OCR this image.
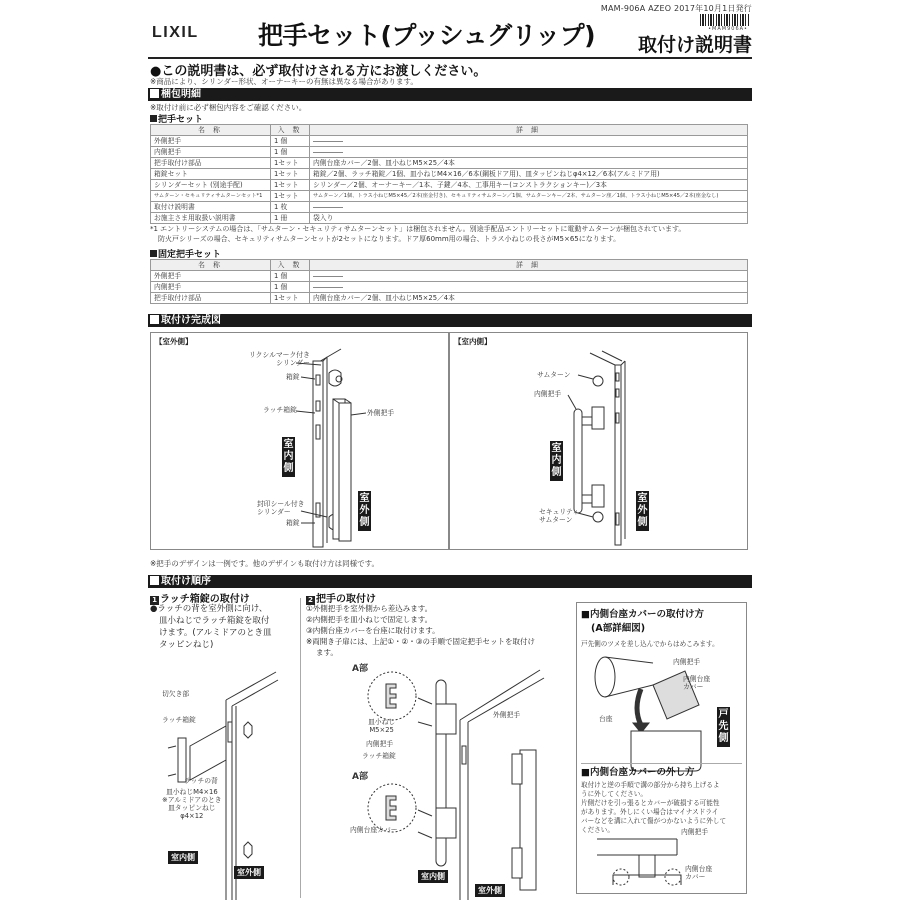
MAM-906A AZEO 2017年10月1日発行
•MAM906A•
LIXIL 把手セット(プッシュグリップ) 取付け説明書
●この説明書は、必ず取付けされる方にお渡しください。
※商品により、シリンダー形状、オーナーキーの有無は異なる場合があります。
梱包明細
※取付け前に必ず梱包内容をご確認ください。
把手セット
名 称	入 数	詳 細
外側把手	1 個	
内側把手	1 個	
把手取付け部品	1セット	内側台座カバー／2個、皿小ねじM5×25／4本
箱錠セット	1セット	箱錠／2個、ラッチ箱錠／1個、皿小ねじM4×16／6本(鋼板ドア用)、皿タッピンねじφ4×12／6本(アルミドア用)
シリンダーセット (別途手配)	1セット	シリンダー／2個、オーナーキー／1本、子鍵／4本、工事用キー(コンストラクションキー)／3本
サムターン・セキュリティサムターンセット*1	1セット	サムターン／1個、トラス小ねじM5×45／2本(座金付き)、セキュリティサムターン／1個、サムターンキー／2本、サムターン座／1個、トラス小ねじM5×45／2本(座金なし)
取付け説明書	1 枚	
お施主さま用取扱い説明書	1 冊	袋入り
*1 エントリーシステムの場合は、「サムターン・セキュリティサムターンセット」は梱包されません。別途手配品エントリーセットに電動サムターンが梱包されています。
防火戸シリーズの場合、セキュリティサムターンセットが2セットになります。ドア厚60mm用の場合、トラス小ねじの長さがM5×65になります。
固定把手セット
名 称	入 数	詳 細
外側把手	1 個	
内側把手	1 個	
把手取付け部品	1セット	内側台座カバー／2個、皿小ねじM5×25／4本
取付け完成図
【室外側】
リクシルマーク付き
シリンダー
箱錠
ラッチ箱錠	外側把手
封印シール付き
シリンダー
箱錠
室内側
室外側
【室内側】
サムターン
内側把手
セキュリティ
サムターン
室内側
室外側
※把手のデザインは一例です。他のデザインも取付け方は同様です。
取付け順序
1 ラッチ箱錠の取付け
●ラッチの背を室外側に向け、
皿小ねじでラッチ箱錠を取付
けます。(アルミドアのとき皿
タッピンねじ)
切欠き部
ラッチ箱錠
ラッチの背
皿小ねじM4×16
※アルミドアのとき
皿タッピンねじ
φ4×12
室内側
室外側
2 把手の取付け
①外側把手を室外側から差込みます。
②内側把手を皿小ねじで固定します。
③内側台座カバーを台座に取付けます。
※両開き子扉には、上記①・②・③の手順で固定把手セットを取付け
ます。
A部
A部
皿小ねじ
M5×25
内側把手
ラッチ箱錠
外側把手
内側台座カバー
室内側
室外側
■内側台座カバーの取付け方
(A部詳細図)
戸先側のツメを差し込んでからはめこみます。
内側把手
内側台座
カバー
台座	戸先側
■内側台座カバーの外し方
取付けと逆の手順で溝の部分から持ち上げるよ
うに外してください。
片側だけを引っ張るとカバーが破損する可能性
があります。外しにくい場合はマイナスドライ
バーなどを溝に入れて傷がつかないように外して
ください。	内側把手
内側台座
カバー
